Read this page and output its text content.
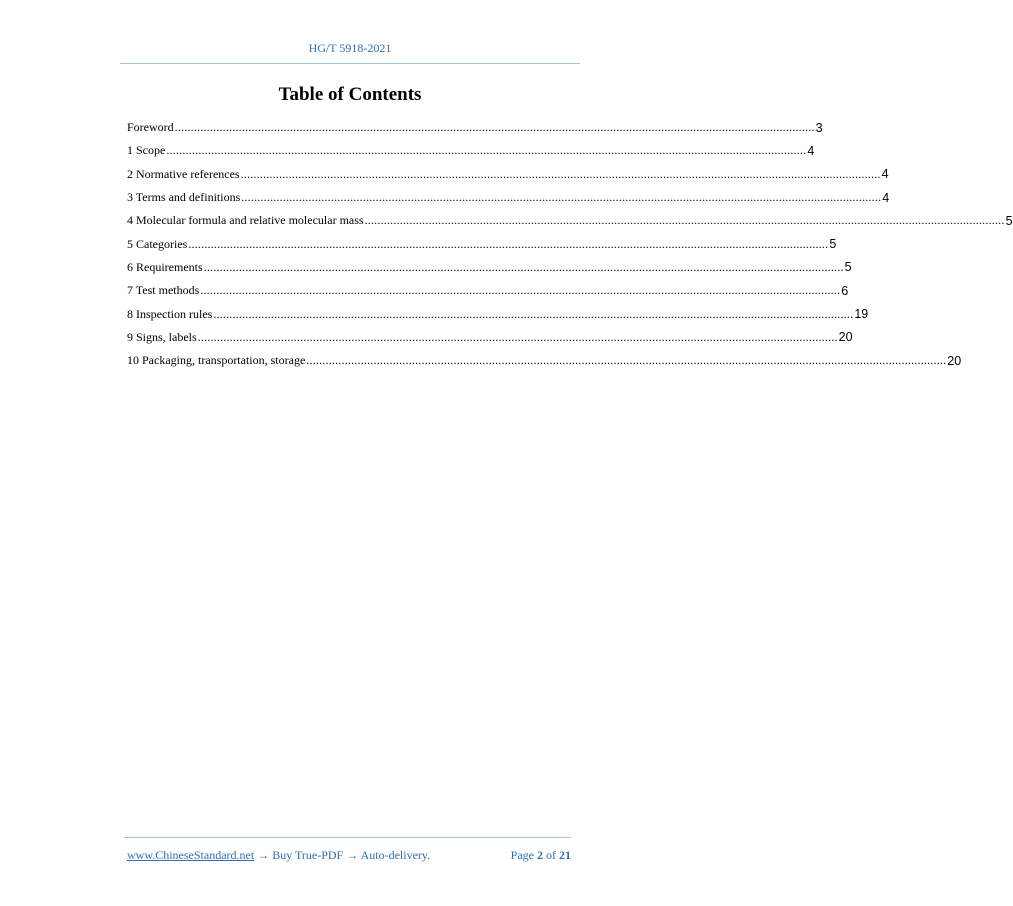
HG/T 5918-2021
Table of Contents
Foreword ........................................................................................................................................................................................................ 3
1 Scope ........................................................................................................................................................................................................ 4
2 Normative references ........................................................................................................................................................................................................ 4
3 Terms and definitions ........................................................................................................................................................................................................ 4
4 Molecular formula and relative molecular mass ........................................................................................................................................................................................................ 5
5 Categories ........................................................................................................................................................................................................ 5
6 Requirements ........................................................................................................................................................................................................ 5
7 Test methods ........................................................................................................................................................................................................ 6
8 Inspection rules ........................................................................................................................................................................................................ 19
9 Signs, labels ........................................................................................................................................................................................................ 20
10 Packaging, transportation, storage ........................................................................................................................................................................................................ 20
www.ChineseStandard.net → Buy True-PDF → Auto-delivery.	Page 2 of 21
